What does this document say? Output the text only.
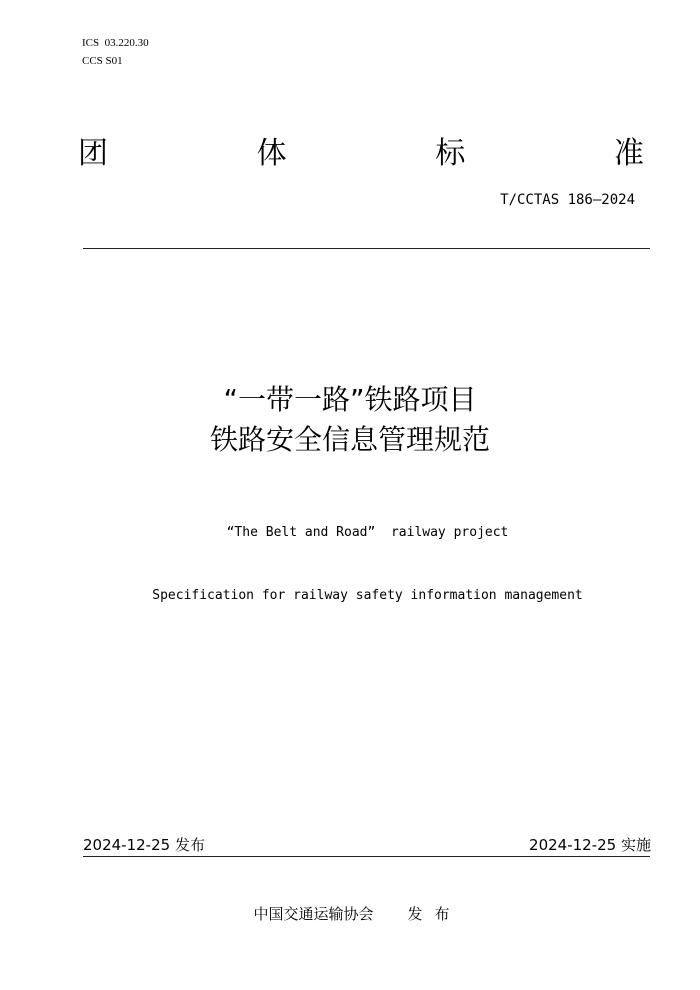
ICS  03.220.30
CCS S01
团	体	标	准
T/CCTAS 186—2024
“一带一路”铁路项目
铁路安全信息管理规范

“The Belt and Road”  railway project

Specification for railway safety information management

2024-12-25 发布	2024-12-25 实施
中国交通运输协会 发布
